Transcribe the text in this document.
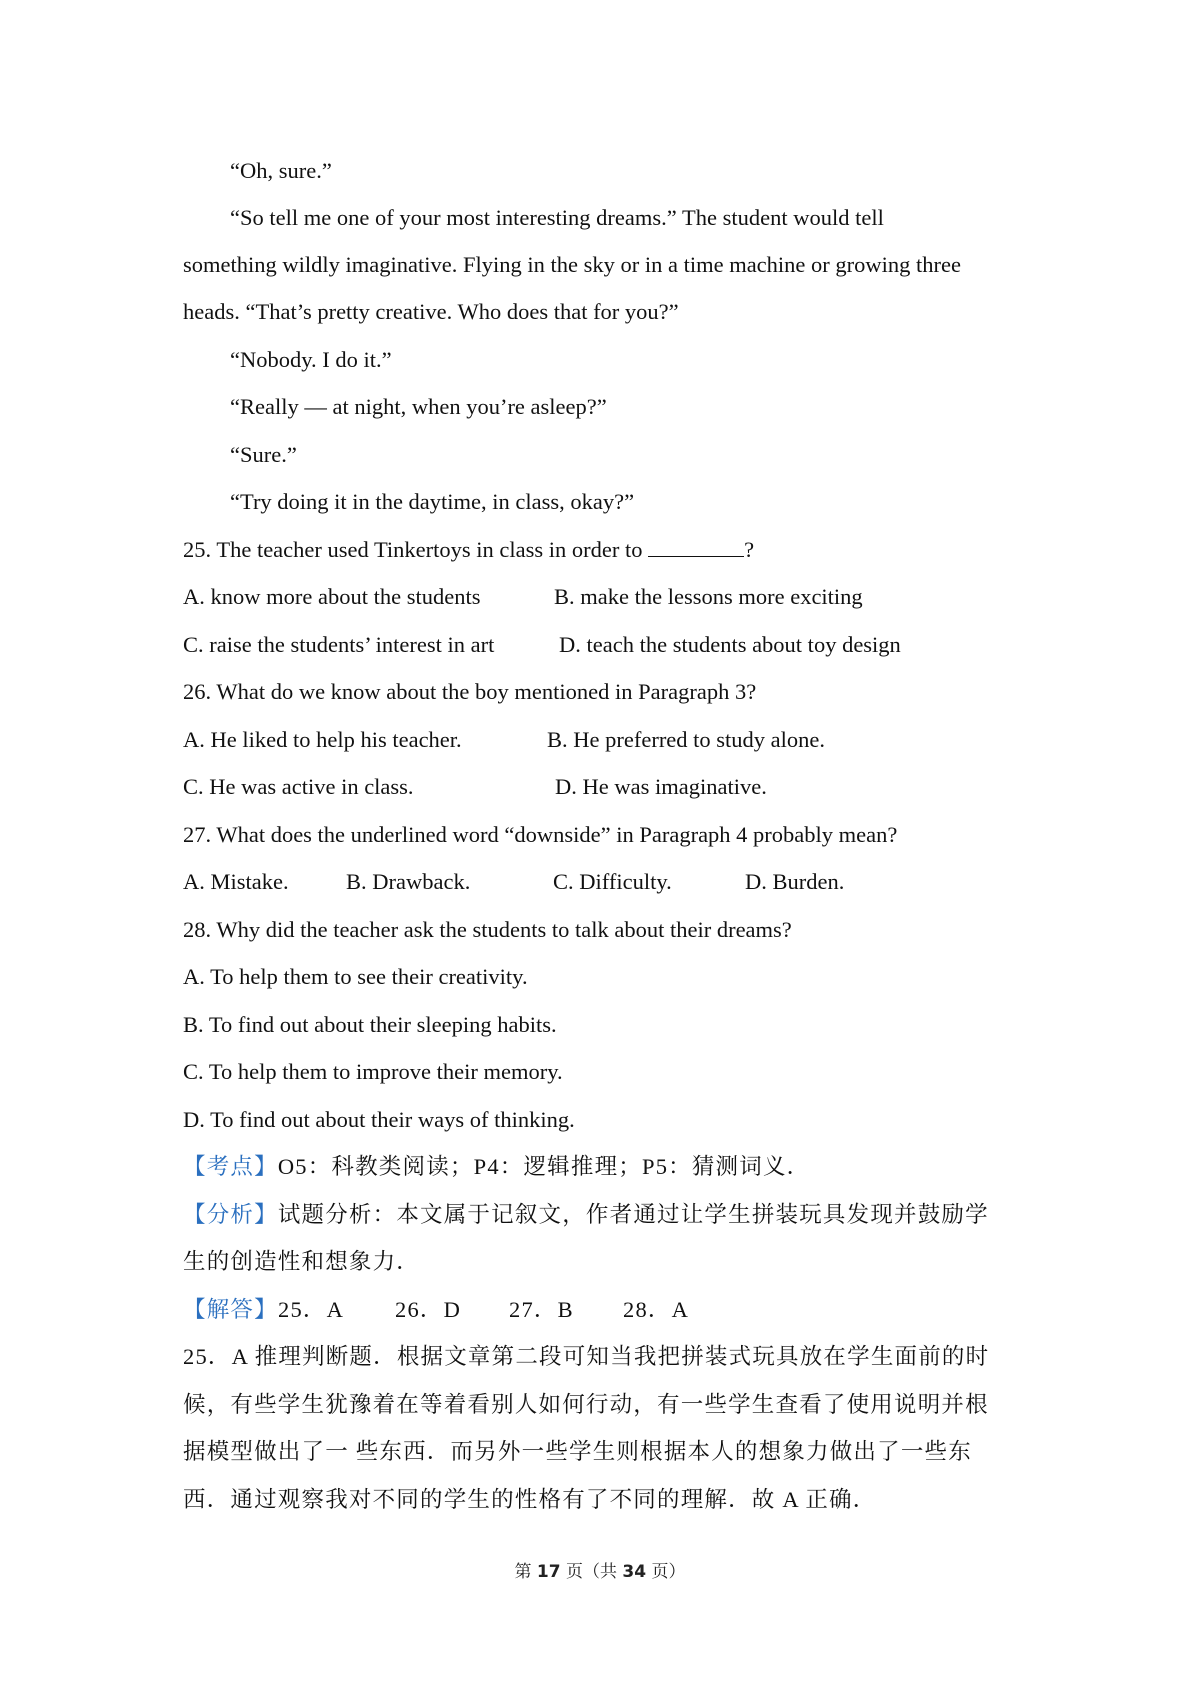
“Oh, sure.”
“So tell me one of your most interesting dreams.” The student would tell
something wildly imaginative. Flying in the sky or in a time machine or growing three
heads. “That’s pretty creative. Who does that for you?”
“Nobody. I do it.”
“Really — at night, when you’re asleep?”
“Sure.”
“Try doing it in the daytime, in class, okay?”
25. The teacher used Tinkertoys in class in order to	?
A. know more about the students	B. make the lessons more exciting
C. raise the students’ interest in art	D. teach the students about toy design
26. What do we know about the boy mentioned in Paragraph 3?
A. He liked to help his teacher.	B. He preferred to study alone.
C. He was active in class.	D. He was imaginative.
27. What does the underlined word “downside” in Paragraph 4 probably mean?
A. Mistake.	B. Drawback.	C. Difficulty.	D. Burden.
28. Why did the teacher ask the students to talk about their dreams?
A. To help them to see their creativity.
B. To find out about their sleeping habits.
C. To help them to improve their memory.
D. To find out about their ways of thinking.
【考点】O5：科教类阅读；P4：逻辑推理；P5：猜测词义．
【分析】试题分析：本文属于记叙文，作者通过让学生拼装玩具发现并鼓励学
生的创造性和想象力．
【解答】 25．A 26．D 27．B 28．A
25．A 推理判断题．根据文章第二段可知当我把拼装式玩具放在学生面前的时
候，有些学生犹豫着在等着看别人如何行动，有一些学生查看了使用说明并根
据模型做出了一 些东西．而另外一些学生则根据本人的想象力做出了一些东
西．通过观察我对不同的学生的性格有了不同的理解．故 A 正确．
第 17 页（共 34 页）
